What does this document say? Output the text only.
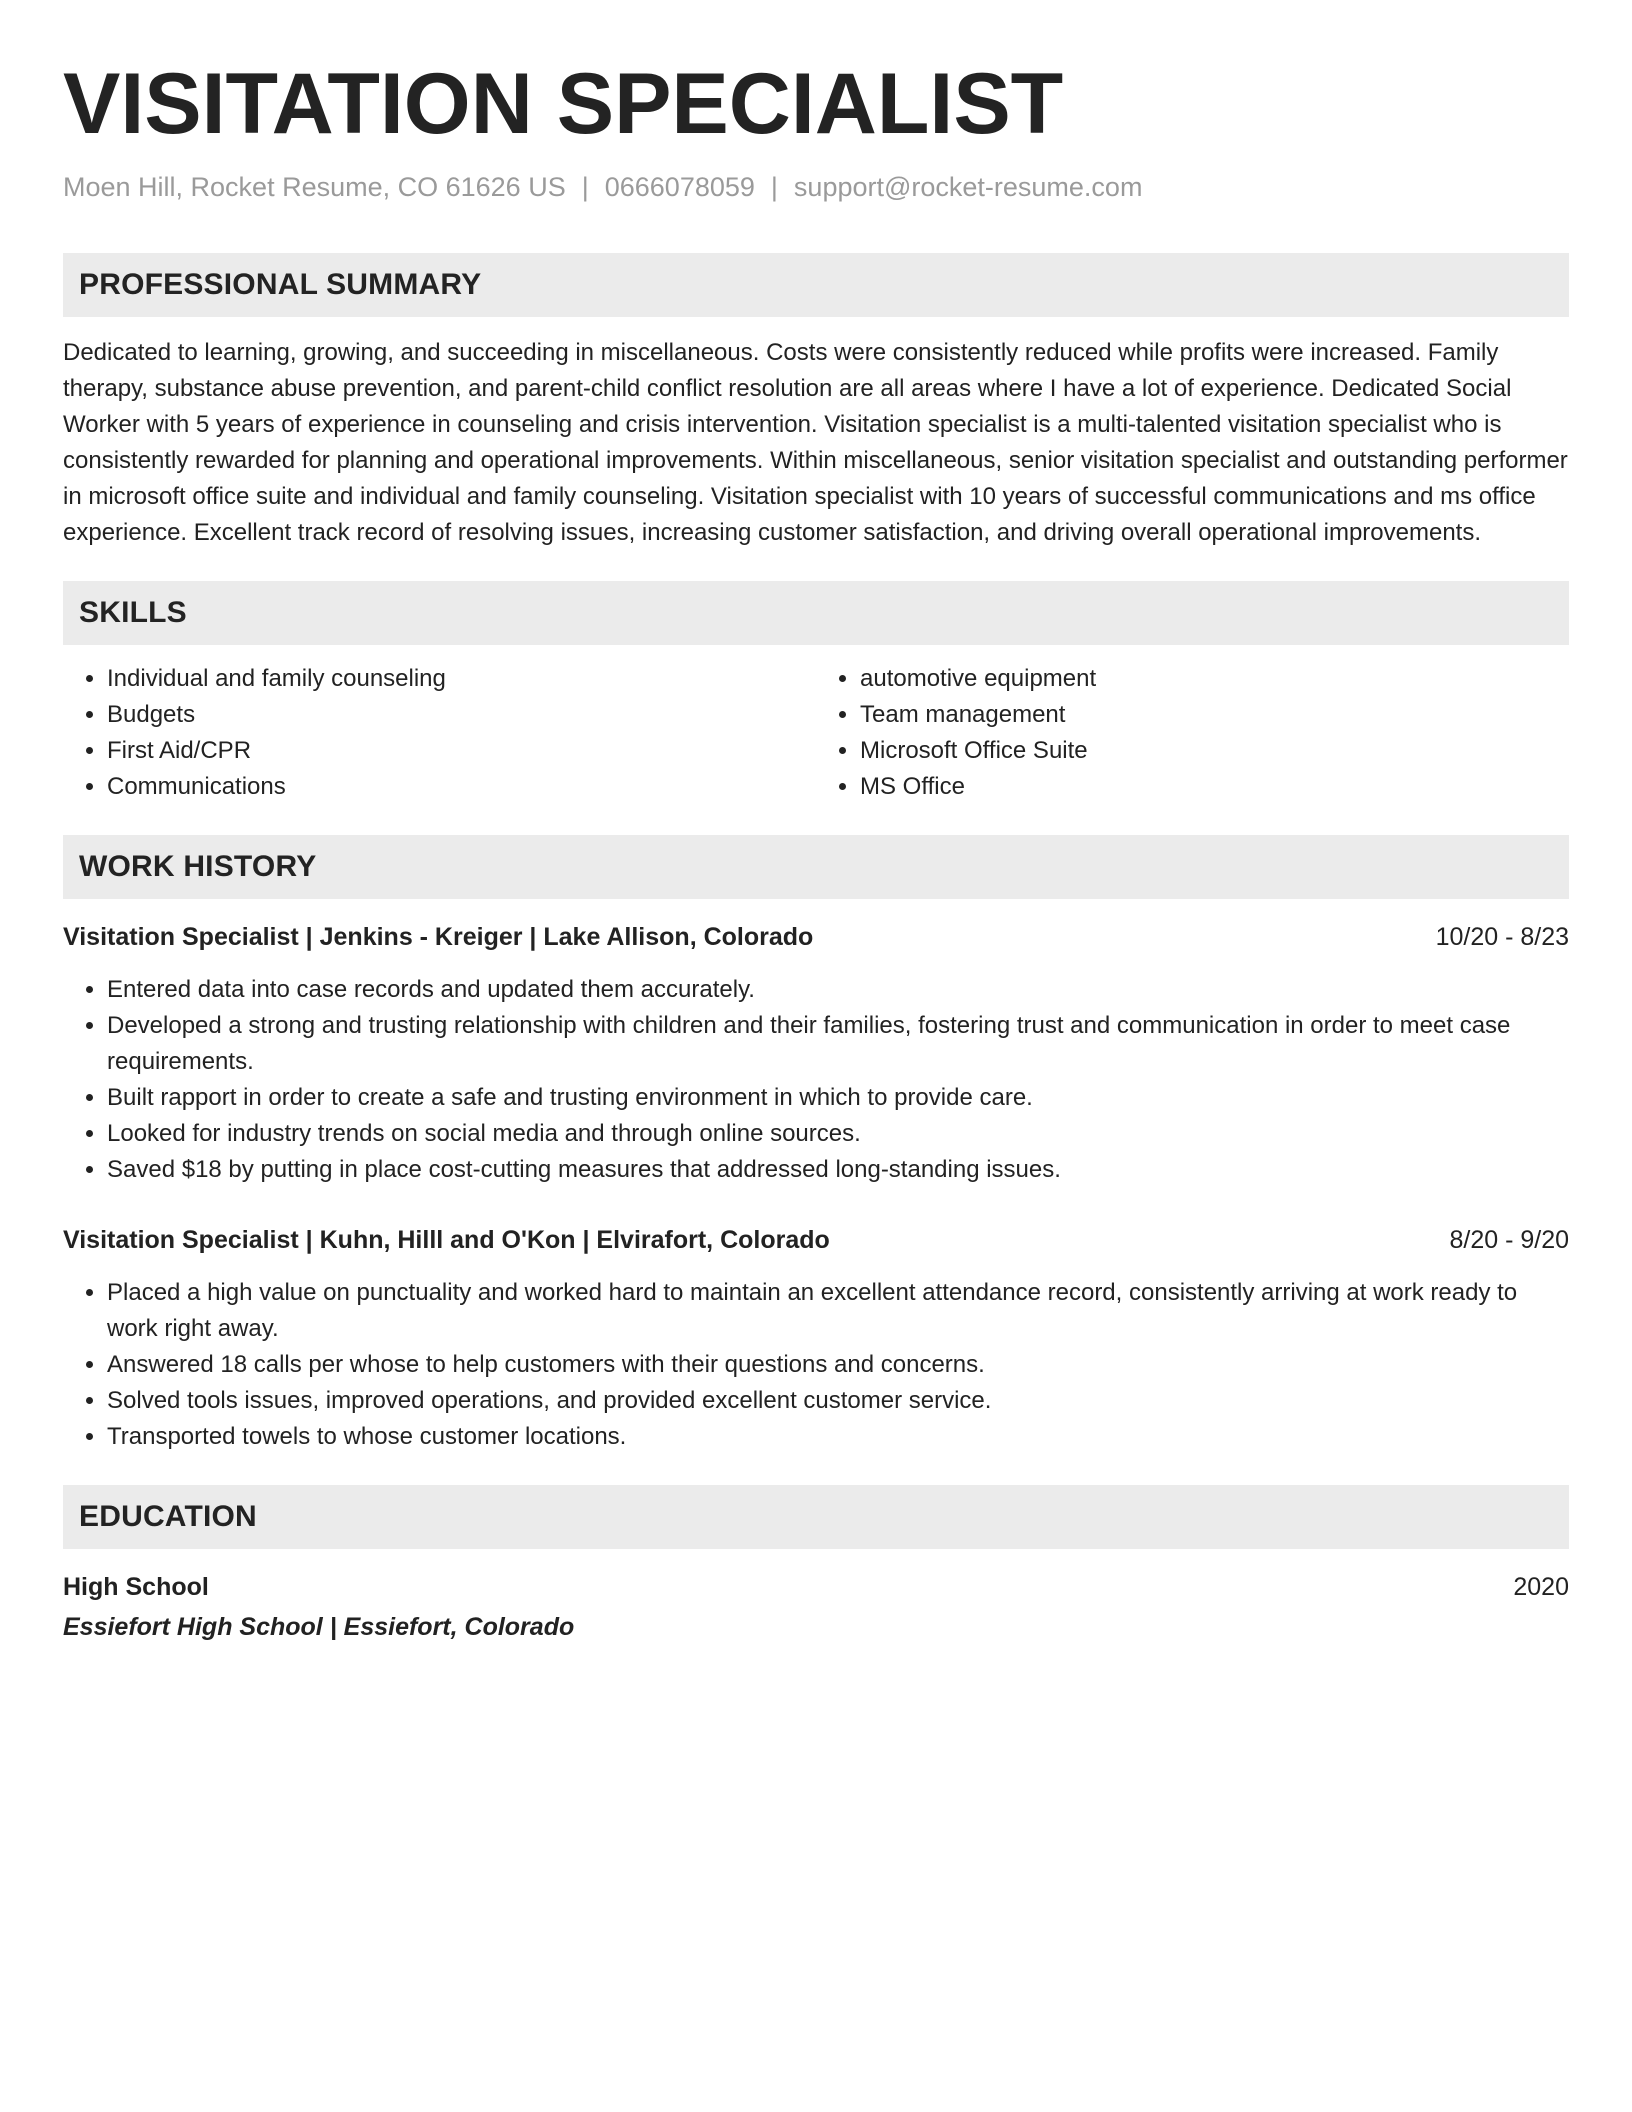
VISITATION SPECIALIST
Moen Hill, Rocket Resume, CO 61626 US | 0666078059 | support@rocket-resume.com
PROFESSIONAL SUMMARY

Dedicated to learning, growing, and succeeding in miscellaneous. Costs were consistently reduced while profits were increased. Family therapy, substance abuse prevention, and parent-child conflict resolution are all areas where I have a lot of experience. Dedicated Social Worker with 5 years of experience in counseling and crisis intervention. Visitation specialist is a multi-talented visitation specialist who is consistently rewarded for planning and operational improvements. Within miscellaneous, senior visitation specialist and outstanding performer in microsoft office suite and individual and family counseling. Visitation specialist with 10 years of successful communications and ms office experience. Excellent track record of resolving issues, increasing customer satisfaction, and driving overall operational improvements.

SKILLS
• Individual and family counseling
• Budgets
• First Aid/CPR
• Communications
• automotive equipment
• Team management
• Microsoft Office Suite
• MS Office
WORK HISTORY
Visitation Specialist | Jenkins - Kreiger | Lake Allison, Colorado	10/20 - 8/23
• Entered data into case records and updated them accurately.
• Developed a strong and trusting relationship with children and their families, fostering trust and communication in order to meet case requirements.
• Built rapport in order to create a safe and trusting environment in which to provide care.
• Looked for industry trends on social media and through online sources.
• Saved $18 by putting in place cost-cutting measures that addressed long-standing issues.
Visitation Specialist | Kuhn, Hilll and O'Kon | Elvirafort, Colorado	8/20 - 9/20
• Placed a high value on punctuality and worked hard to maintain an excellent attendance record, consistently arriving at work ready to work right away.
• Answered 18 calls per whose to help customers with their questions and concerns.
• Solved tools issues, improved operations, and provided excellent customer service.
• Transported towels to whose customer locations.
EDUCATION
High School	2020
Essiefort High School | Essiefort, Colorado
